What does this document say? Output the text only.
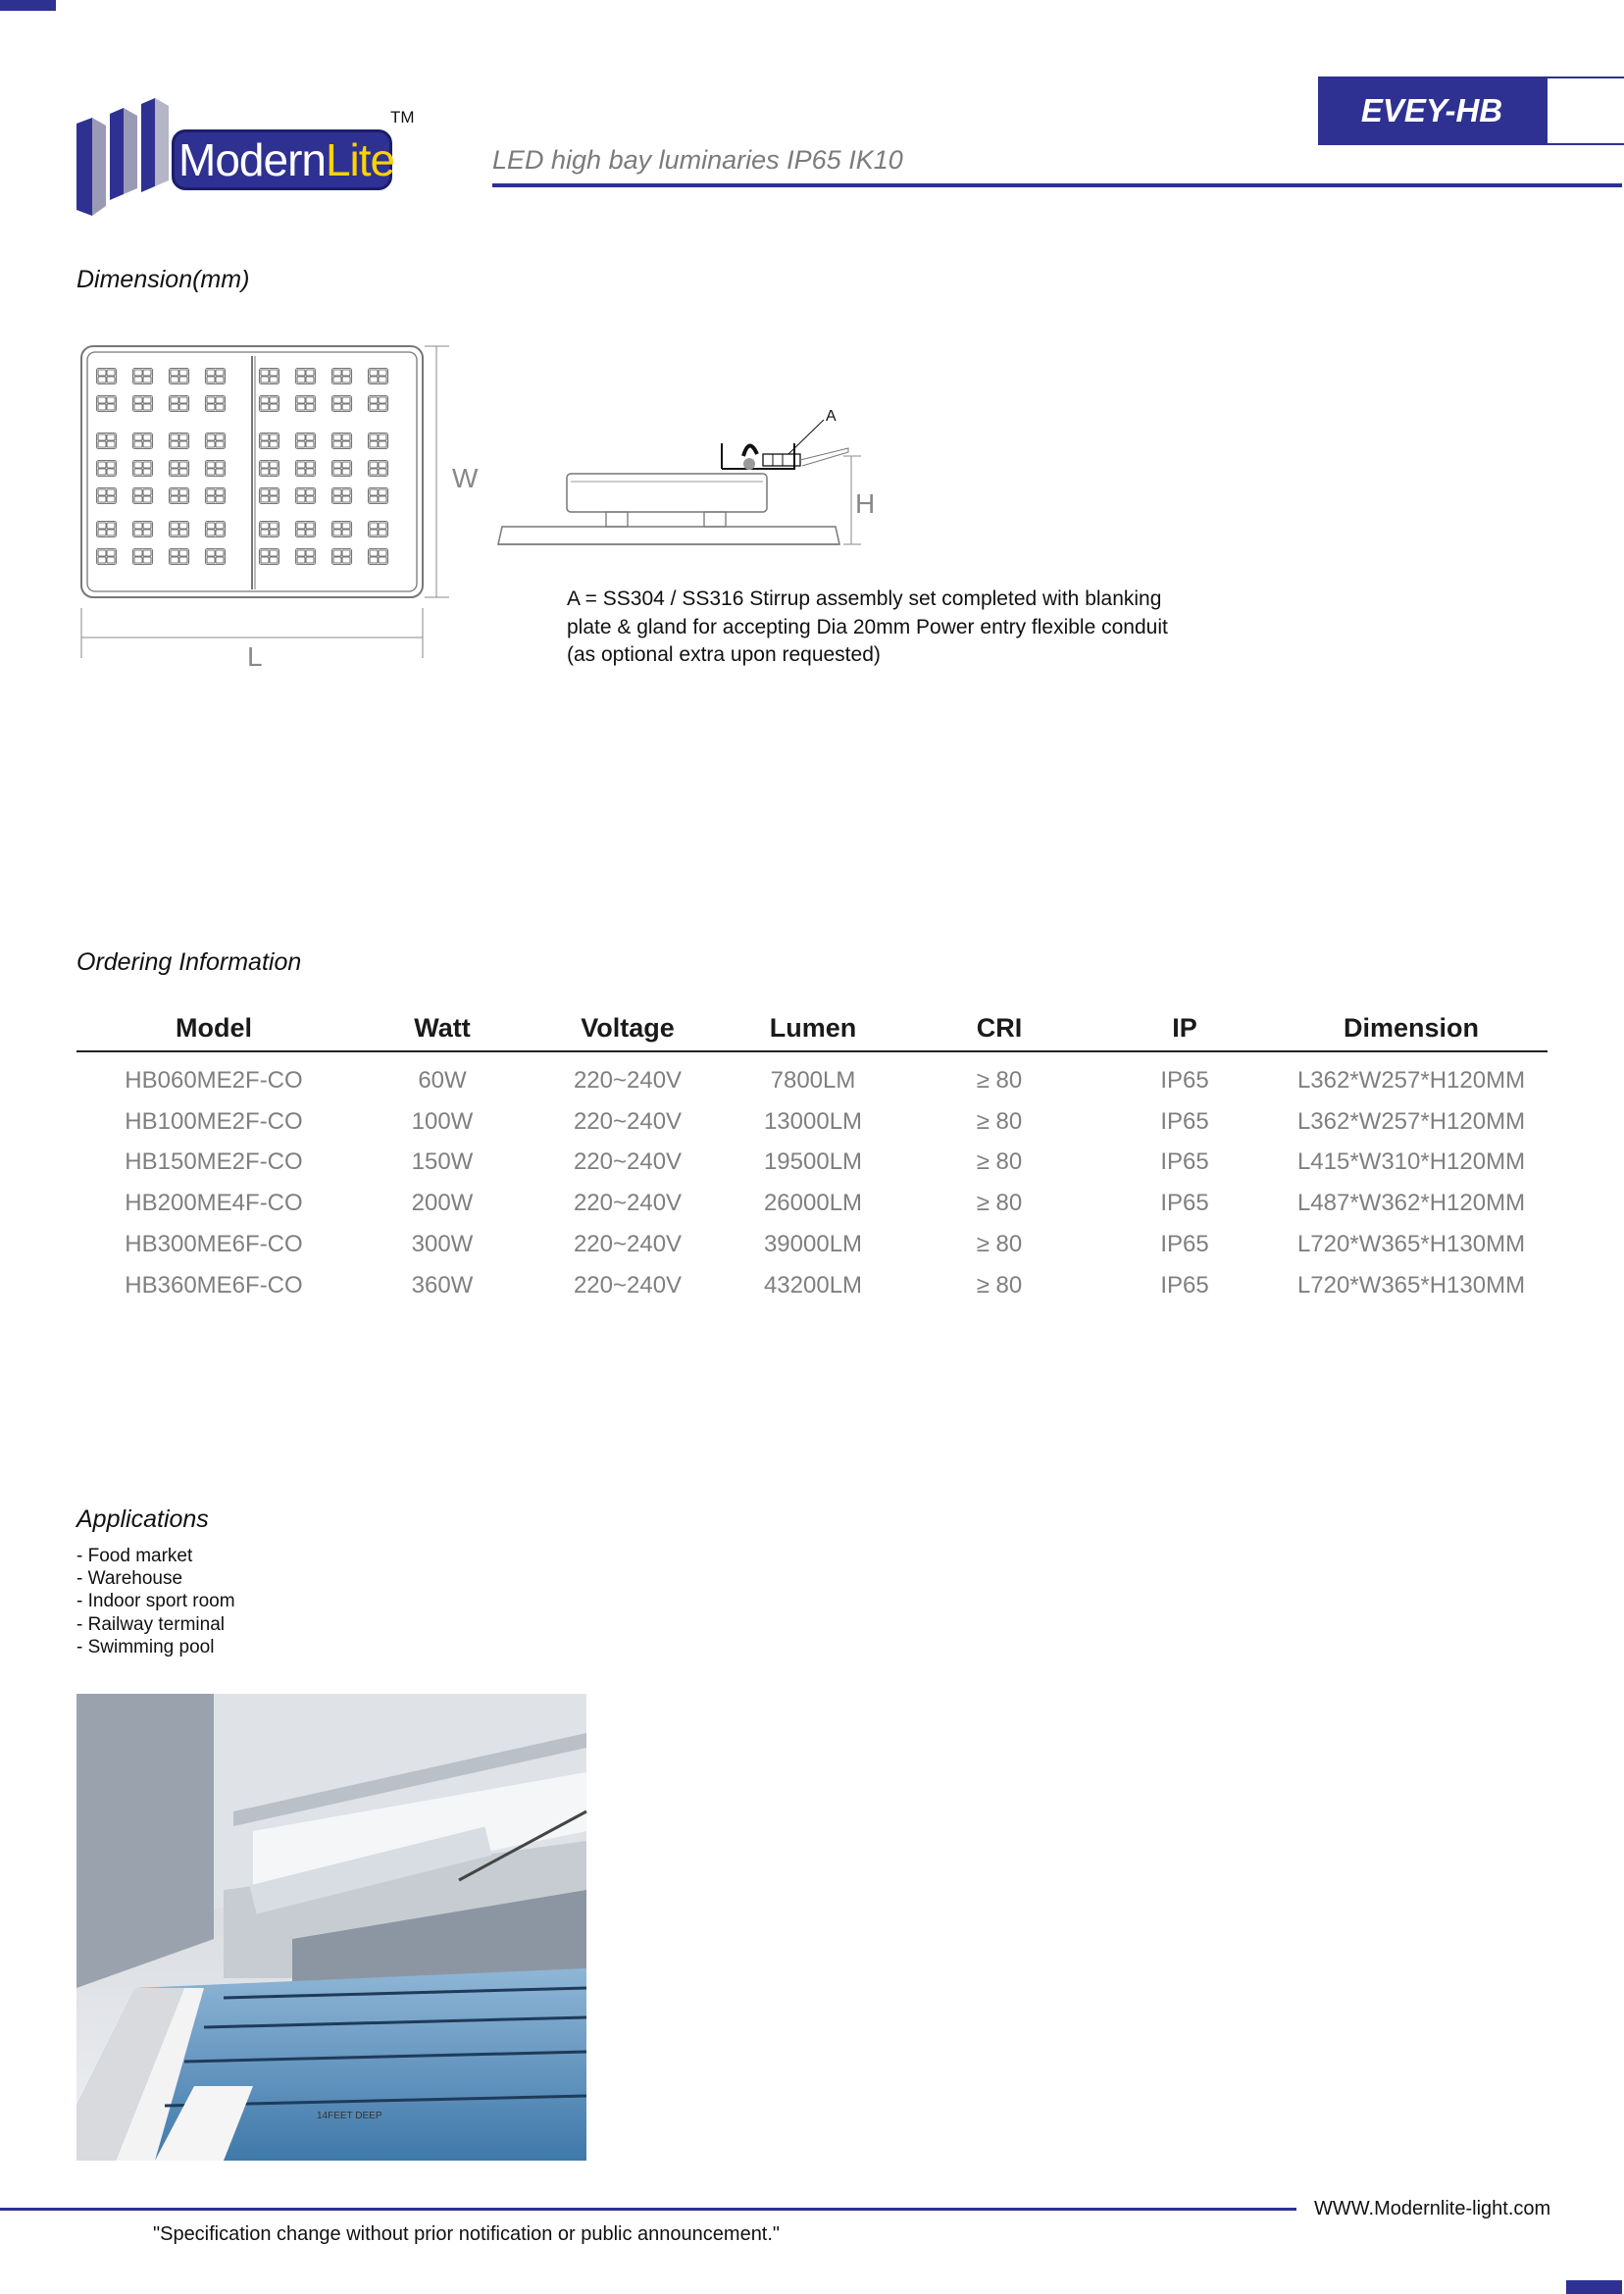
ModernLite
TM	EVEY-HB
LED high bay luminaries IP65 IK10
Dimension(mm)
W
L
A
H
A = SS304 / SS316 Stirrup assembly set completed with blanking
plate & gland for accepting Dia 20mm Power entry flexible conduit
(as optional extra upon requested)
Ordering Information
Model	Watt	Voltage	Lumen	CRI	IP	Dimension

HB060ME2F-CO	60W	220~240V	7800LM	≥ 80	IP65	L362*W257*H120MM
HB100ME2F-CO	100W	220~240V	13000LM	≥ 80	IP65	L362*W257*H120MM
HB150ME2F-CO	150W	220~240V	19500LM	≥ 80	IP65	L415*W310*H120MM
HB200ME4F-CO	200W	220~240V	26000LM	≥ 80	IP65	L487*W362*H120MM
HB300ME6F-CO	300W	220~240V	39000LM	≥ 80	IP65	L720*W365*H130MM
HB360ME6F-CO	360W	220~240V	43200LM	≥ 80	IP65	L720*W365*H130MM
Applications
- Food market
- Warehouse
- Indoor sport room
- Railway terminal
- Swimming pool
14FEET DEEP
WWW.Modernlite-light.com
"Specification change without prior notification or public announcement."
